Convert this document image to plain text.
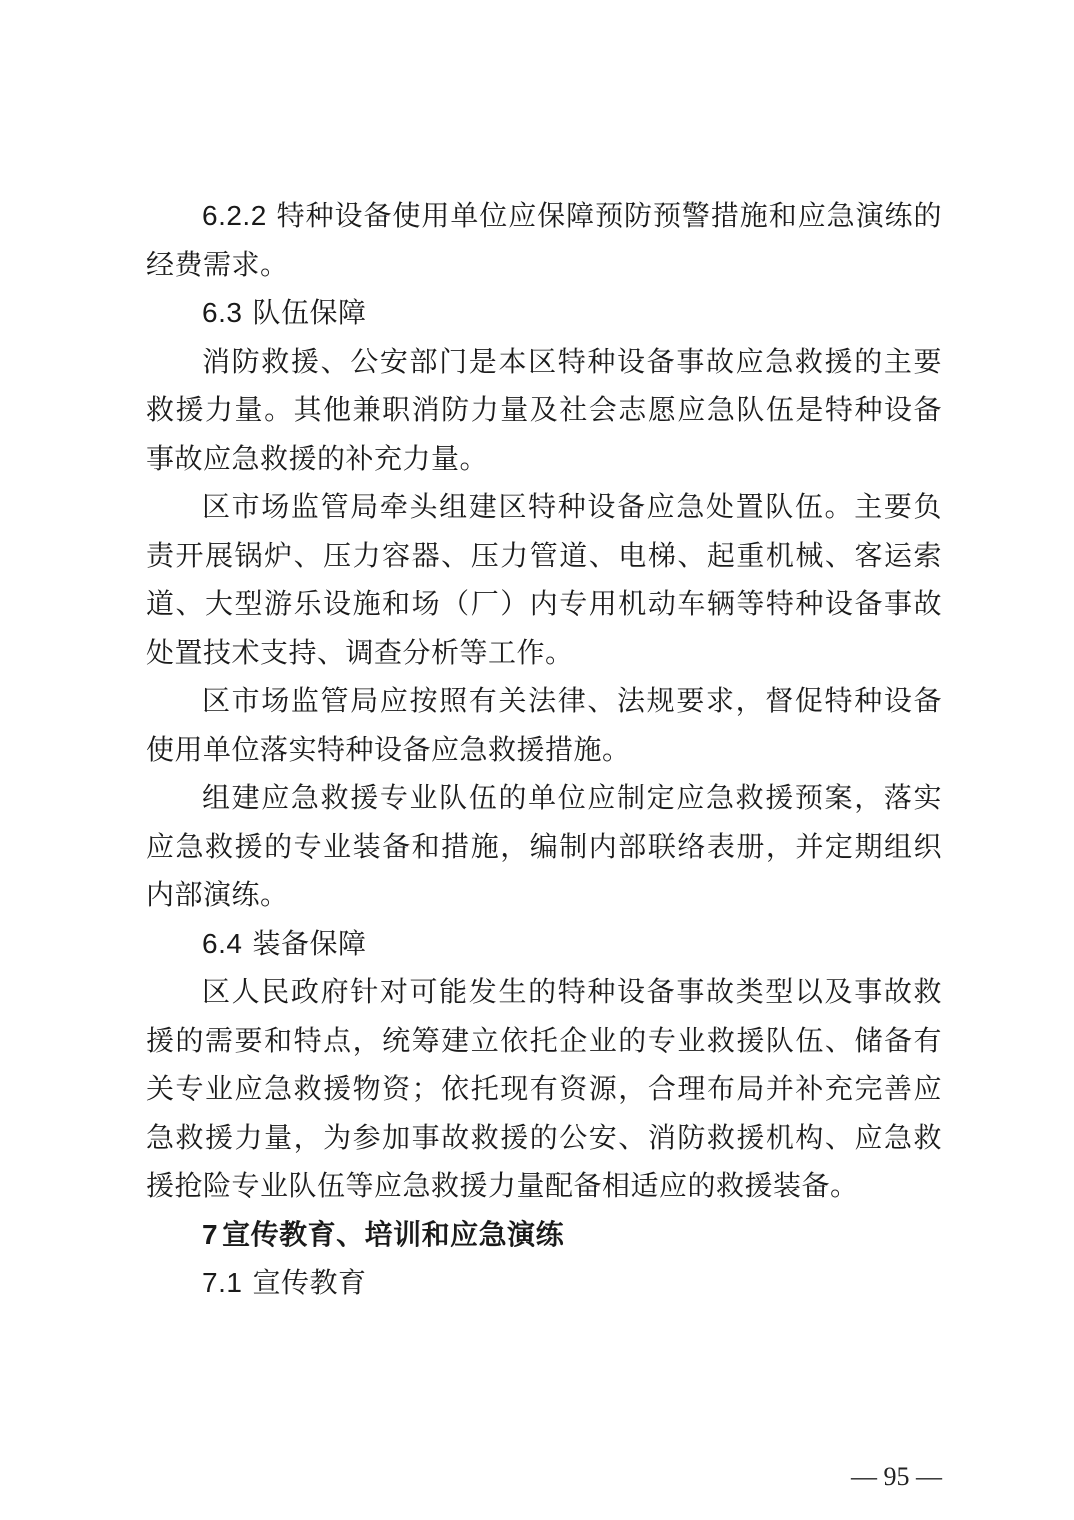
6.2.2 特种设备使用单位应保障预防预警措施和应急演练的经费需求。

6.3 队伍保障

消防救援、公安部门是本区特种设备事故应急救援的主要救援力量。其他兼职消防力量及社会志愿应急队伍是特种设备事故应急救援的补充力量。

区市场监管局牵头组建区特种设备应急处置队伍。主要负责开展锅炉、压力容器、压力管道、电梯、起重机械、客运索道、大型游乐设施和场（厂）内专用机动车辆等特种设备事故处置技术支持、调查分析等工作。

区市场监管局应按照有关法律、法规要求，督促特种设备使用单位落实特种设备应急救援措施。

组建应急救援专业队伍的单位应制定应急救援预案，落实应急救援的专业装备和措施，编制内部联络表册，并定期组织内部演练。

6.4 装备保障

区人民政府针对可能发生的特种设备事故类型以及事故救援的需要和特点，统筹建立依托企业的专业救援队伍、储备有关专业应急救援物资；依托现有资源，合理布局并补充完善应急救援力量，为参加事故救援的公安、消防救援机构、应急救援抢险专业队伍等应急救援力量配备相适应的救援装备。

7 宣传教育、培训和应急演练

7.1 宣传教育

— 95 —
